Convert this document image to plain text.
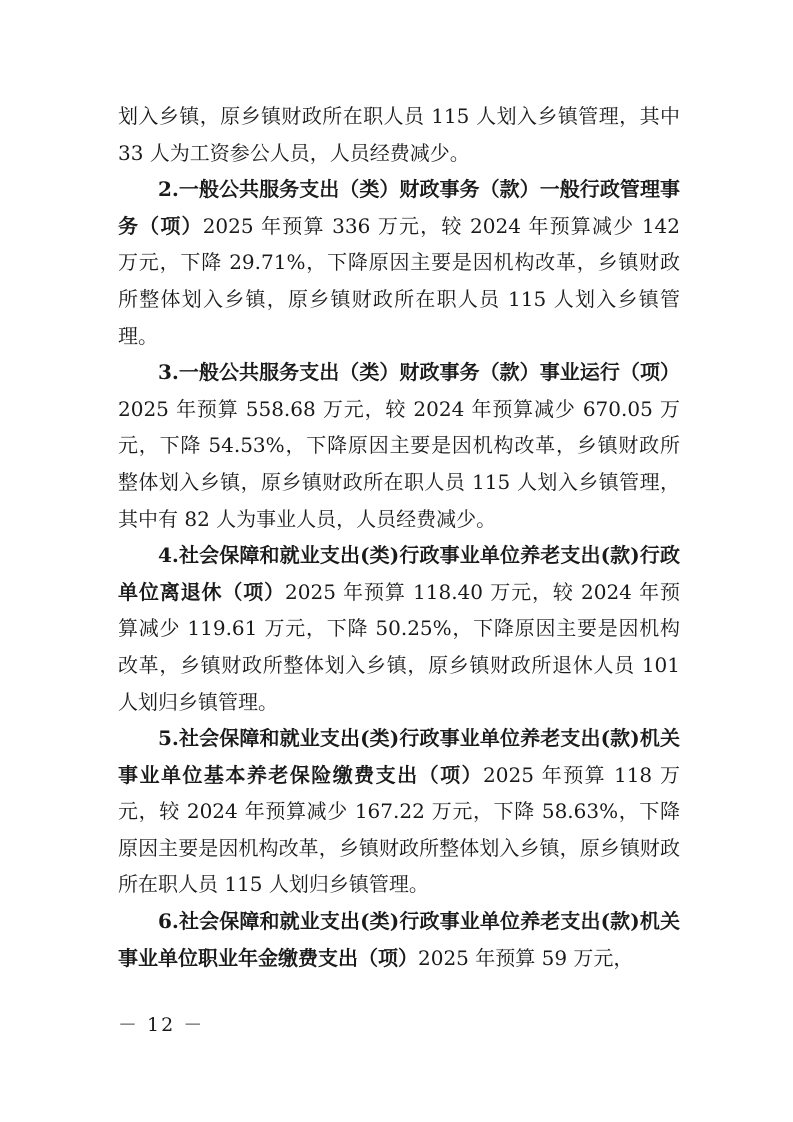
划入乡镇，原乡镇财政所在职人员 115 人划入乡镇管理，其中 33 人为工资参公人员，人员经费减少。

2.一般公共服务支出（类）财政事务（款）一般行政管理事务（项）2025 年预算 336 万元，较 2024 年预算减少 142 万元，下降 29.71%，下降原因主要是因机构改革，乡镇财政所整体划入乡镇，原乡镇财政所在职人员 115 人划入乡镇管理。

3.一般公共服务支出（类）财政事务（款）事业运行（项）2025 年预算 558.68 万元，较 2024 年预算减少 670.05 万元，下降 54.53%，下降原因主要是因机构改革，乡镇财政所整体划入乡镇，原乡镇财政所在职人员 115 人划入乡镇管理，其中有 82 人为事业人员，人员经费减少。

4.社会保障和就业支出(类)行政事业单位养老支出(款)行政单位离退休（项）2025 年预算 118.40 万元，较 2024 年预算减少 119.61 万元，下降 50.25%，下降原因主要是因机构改革，乡镇财政所整体划入乡镇，原乡镇财政所退休人员 101 人划归乡镇管理。

5.社会保障和就业支出(类)行政事业单位养老支出(款)机关事业单位基本养老保险缴费支出（项）2025 年预算 118 万元，较 2024 年预算减少 167.22 万元，下降 58.63%，下降原因主要是因机构改革，乡镇财政所整体划入乡镇，原乡镇财政所在职人员 115 人划归乡镇管理。

6.社会保障和就业支出(类)行政事业单位养老支出(款)机关事业单位职业年金缴费支出（项）2025 年预算 59 万元，

－ 12 －
